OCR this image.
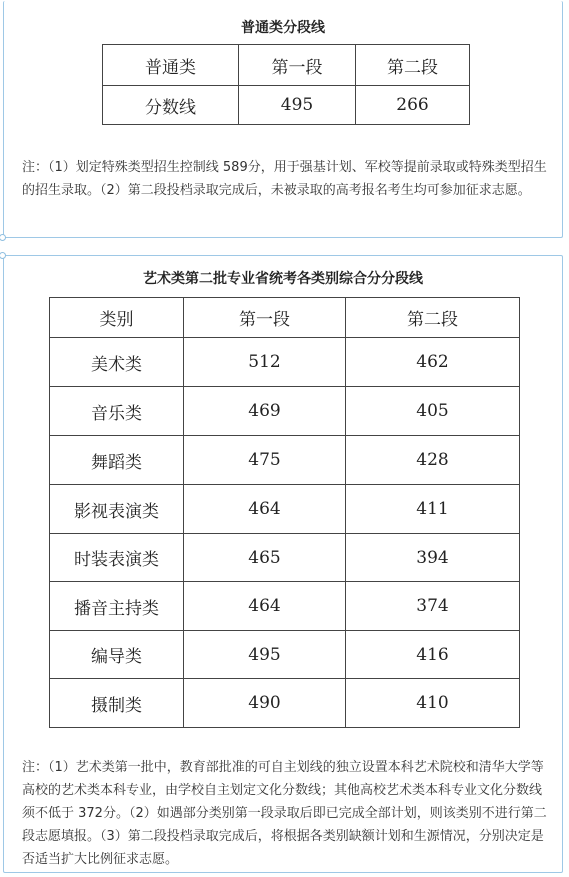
普通类分段线
普通类	第一段	第二段
分数线	495	266
注：（1）划定特殊类型招生控制线 589分，用于强基计划、军校等提前录取或特殊类型招生的招生录取。（2）第二段投档录取完成后，未被录取的高考报名考生均可参加征求志愿。
艺术类第二批专业省统考各类别综合分分段线
类别	第一段	第二段
美术类	512	462
音乐类	469	405
舞蹈类	475	428
影视表演类	464	411
时装表演类	465	394
播音主持类	464	374
编导类	495	416
摄制类	490	410
注：（1）艺术类第一批中，教育部批准的可自主划线的独立设置本科艺术院校和清华大学等高校的艺术类本科专业，由学校自主划定文化分数线；其他高校艺术类本科专业文化分数线须不低于 372分。（2）如遇部分类别第一段录取后即已完成全部计划，则该类别不进行第二段志愿填报。（3）第二段投档录取完成后，将根据各类别缺额计划和生源情况，分别决定是否适当扩大比例征求志愿。
